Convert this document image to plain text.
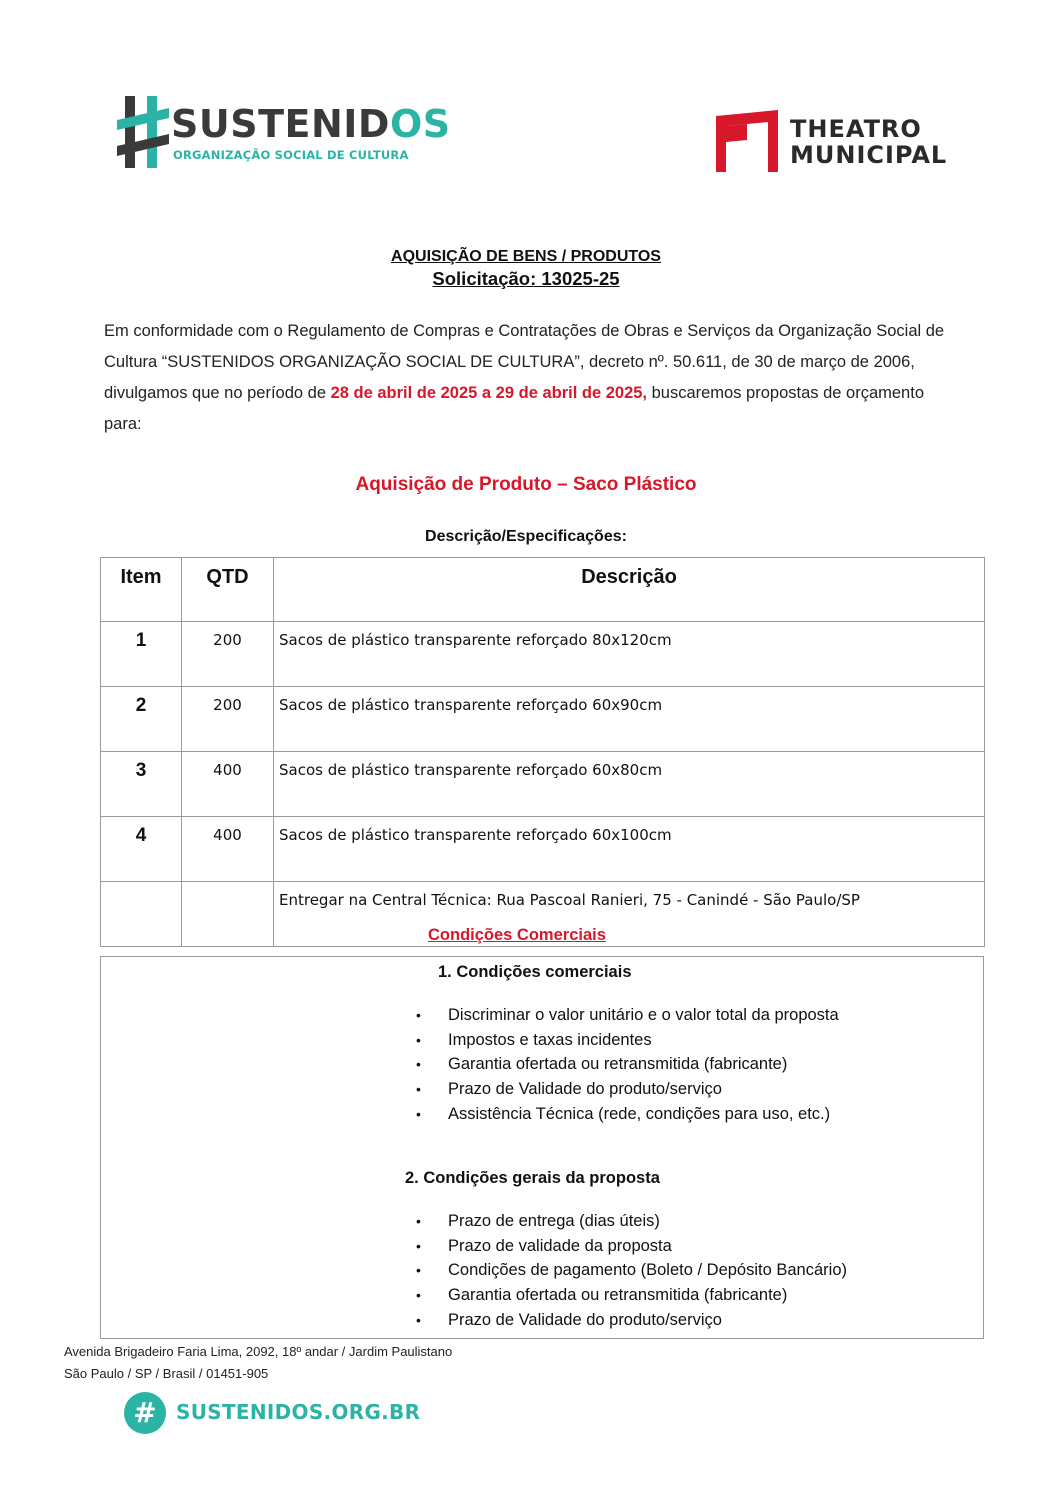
SUSTENIDOS
ORGANIZAÇÃO SOCIAL DE CULTURA
THEATRO
MUNICIPAL
AQUISIÇÃO DE BENS / PRODUTOS
Solicitação: 13025-25
Em conformidade com o Regulamento de Compras e Contratações de Obras e Serviços da Organização Social de Cultura “SUSTENIDOS ORGANIZAÇÃO SOCIAL DE CULTURA”, decreto nº. 50.611, de 30 de março de 2006, divulgamos que no período de 28 de abril de 2025 a 29 de abril de 2025, buscaremos propostas de orçamento para:
Aquisição de Produto – Saco Plástico
Descrição/Especificações:
Item	QTD	Descrição
1	200	Sacos de plástico transparente reforçado 80x120cm
2	200	Sacos de plástico transparente reforçado 60x90cm
3	400	Sacos de plástico transparente reforçado 60x80cm
4	400	Sacos de plástico transparente reforçado 60x100cm
		Entregar na Central Técnica: Rua Pascoal Ranieri, 75 - Canindé - São Paulo/SP
Condições Comerciais
1. Condições comerciais
• Discriminar o valor unitário e o valor total da proposta
• Impostos e taxas incidentes
• Garantia ofertada ou retransmitida (fabricante)
• Prazo de Validade do produto/serviço
• Assistência Técnica (rede, condições para uso, etc.)
2. Condições gerais da proposta
• Prazo de entrega (dias úteis)
• Prazo de validade da proposta
• Condições de pagamento (Boleto / Depósito Bancário)
• Garantia ofertada ou retransmitida (fabricante)
• Prazo de Validade do produto/serviço
Avenida Brigadeiro Faria Lima, 2092, 18º andar / Jardim Paulistano
São Paulo / SP / Brasil / 01451-905
# SUSTENIDOS.ORG.BR
